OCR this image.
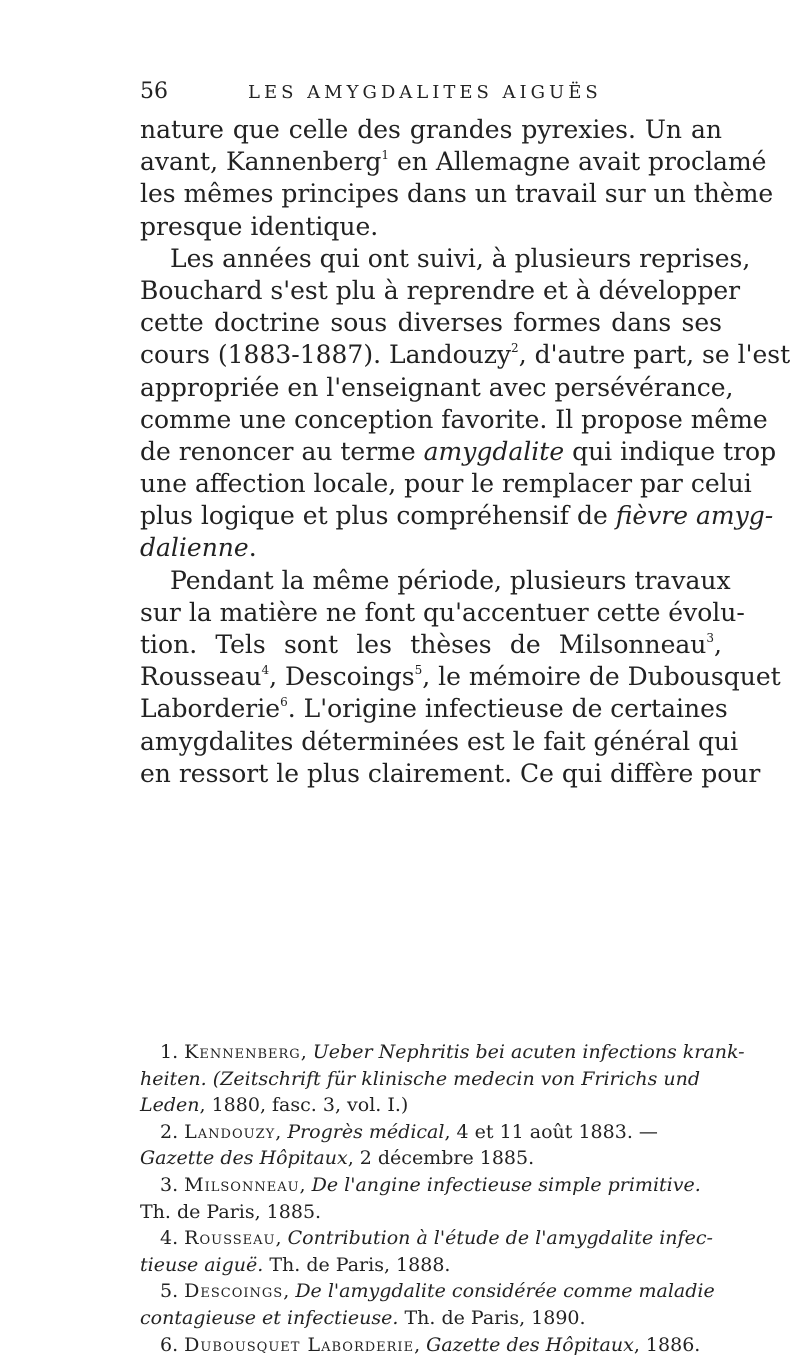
56	LES AMYGDALITES AIGUËS
nature que celle des grandes pyrexies. Un an
avant, Kannenberg$^1$ en Allemagne avait proclamé
les mêmes principes dans un travail sur un thème
presque identique.
Les années qui ont suivi, à plusieurs reprises,
Bouchard s'est plu à reprendre et à développer
cette doctrine sous diverses formes dans ses
cours (1883-1887). Landouzy$^2$, d'autre part, se l'est
appropriée en l'enseignant avec persévérance,
comme une conception favorite. Il propose même
de renoncer au terme amygdalite qui indique trop
une affection locale, pour le remplacer par celui
plus logique et plus compréhensif de fièvre amyg-
dalienne.
Pendant la même période, plusieurs travaux
sur la matière ne font qu'accentuer cette évolu-
tion. Tels sont les thèses de Milsonneau$^3$,
Rousseau$^4$, Descoings$^5$, le mémoire de Dubousquet
Laborderie$^6$. L'origine infectieuse de certaines
amygdalites déterminées est le fait général qui
en ressort le plus clairement. Ce qui diffère pour
1. Kennenberg, Ueber Nephritis bei acuten infections krank-
heiten. (Zeitschrift für klinische medecin von Fririchs und
Leden, 1880, fasc. 3, vol. I.)
2. Landouzy, Progrès médical, 4 et 11 août 1883. —
Gazette des Hôpitaux, 2 décembre 1885.
3. Milsonneau, De l'angine infectieuse simple primitive.
Th. de Paris, 1885.
4. Rousseau, Contribution à l'étude de l'amygdalite infec-
tieuse aiguë. Th. de Paris, 1888.
5. Descoings, De l'amygdalite considérée comme maladie
contagieuse et infectieuse. Th. de Paris, 1890.
6. Dubousquet Laborderie, Gazette des Hôpitaux, 1886.
